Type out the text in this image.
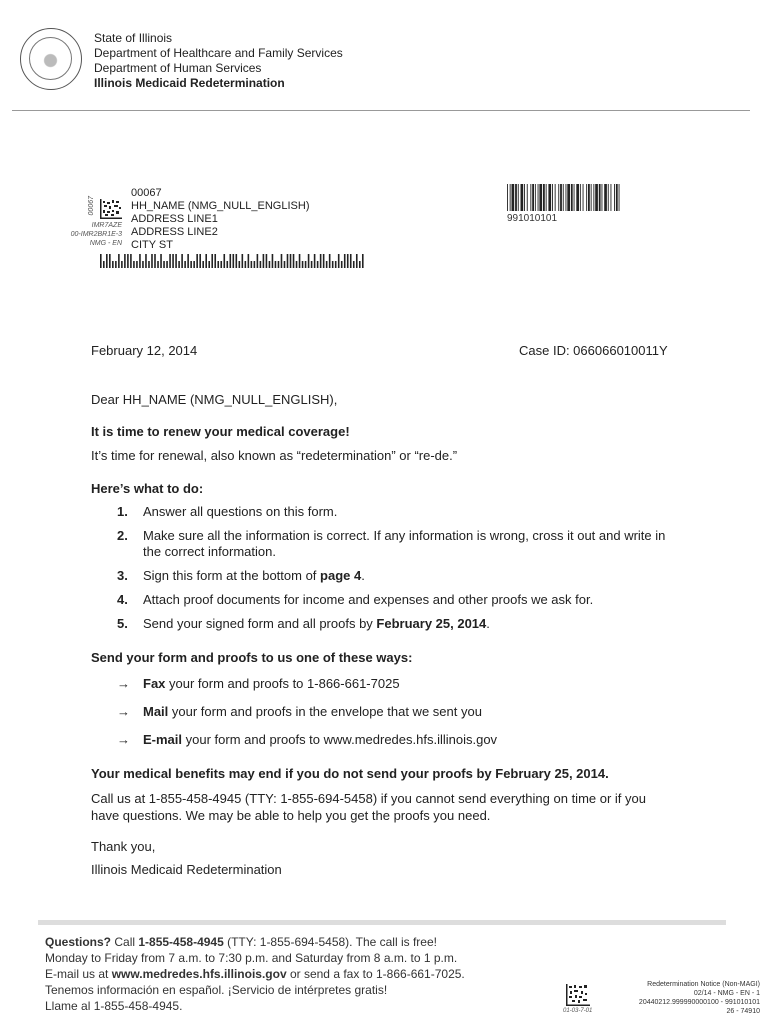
State of Illinois
Department of Healthcare and Family Services
Department of Human Services
Illinois Medicaid Redetermination
00067
IMR7AZE
00-IMR2BR1E-3
NMG - EN
00067
HH_NAME (NMG_NULL_ENGLISH)
ADDRESS LINE1
ADDRESS LINE2
CITY ST
991010101
February 12, 2014	Case ID: 066066010011Y
Dear HH_NAME (NMG_NULL_ENGLISH),
It is time to renew your medical coverage!
It’s time for renewal, also known as “redetermination” or “re-de.”
Here’s what to do:
1. Answer all questions on this form.
2. Make sure all the information is correct. If any information is wrong, cross it out and write in the correct information.
3. Sign this form at the bottom of page 4.
4. Attach proof documents for income and expenses and other proofs we ask for.
5. Send your signed form and all proofs by February 25, 2014.
Send your form and proofs to us one of these ways:
→ Fax your form and proofs to 1-866-661-7025
→ Mail your form and proofs in the envelope that we sent you
→ E-mail your form and proofs to www.medredes.hfs.illinois.gov
Your medical benefits may end if you do not send your proofs by February 25, 2014.
Call us at 1-855-458-4945 (TTY: 1-855-694-5458) if you cannot send everything on time or if you have questions. We may be able to help you get the proofs you need.
Thank you,
Illinois Medicaid Redetermination
Questions? Call 1-855-458-4945 (TTY: 1-855-694-5458). The call is free!
Monday to Friday from 7 a.m. to 7:30 p.m. and Saturday from 8 a.m. to 1 p.m.
E-mail us at www.medredes.hfs.illinois.gov or send a fax to 1-866-661-7025.
Tenemos información en español. ¡Servicio de intérpretes gratis!
Llame al 1-855-458-4945.	01-03-7-01
Redetermination Notice (Non-MAGI)
02/14 - NMG - EN - 1
20440212.999990000100 - 991010101
26 - 74910
